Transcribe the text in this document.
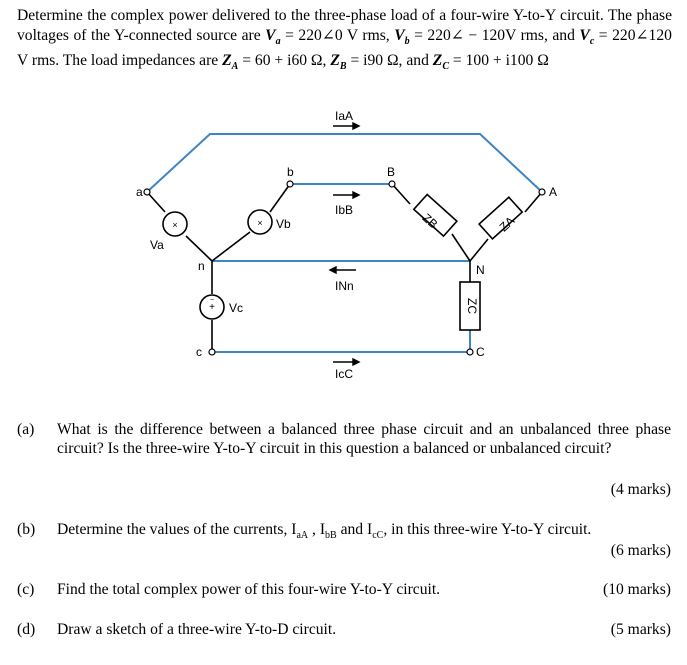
Determine the complex power delivered to the three-phase load of a four-wire Y-to-Y circuit. The phase voltages of the Y-connected source are $V_a$ = 220∠0 V rms, $V_b$ = 220∠ − 120V rms, and $V_c$ = 220∠120 V rms. The load impedances are $Z_A = 60 + i60$ Ω, $Z_B = i90$ Ω, and $Z_C = 100 + i100$ Ω
×	×
+
−
ZB	ZA
ZC
IaA
IbB
INn
IcC
a
b
c
n
B
A
C
N
Va
Vb
Vc
(a) What is the difference between a balanced three phase circuit and an unbalanced three phase circuit? Is the three-wire Y-to-Y circuit in this question a balanced or unbalanced circuit?
(4 marks)
(b) Determine the values of the currents, $I_{aA}$ , $I_{bB}$ and $I_{cC}$, in this three-wire Y-to-Y circuit.
(6 marks)
(c) Find the total complex power of this four-wire Y-to-Y circuit.	(10 marks)
(d) Draw a sketch of a three-wire Y-to-D circuit.	(5 marks)
